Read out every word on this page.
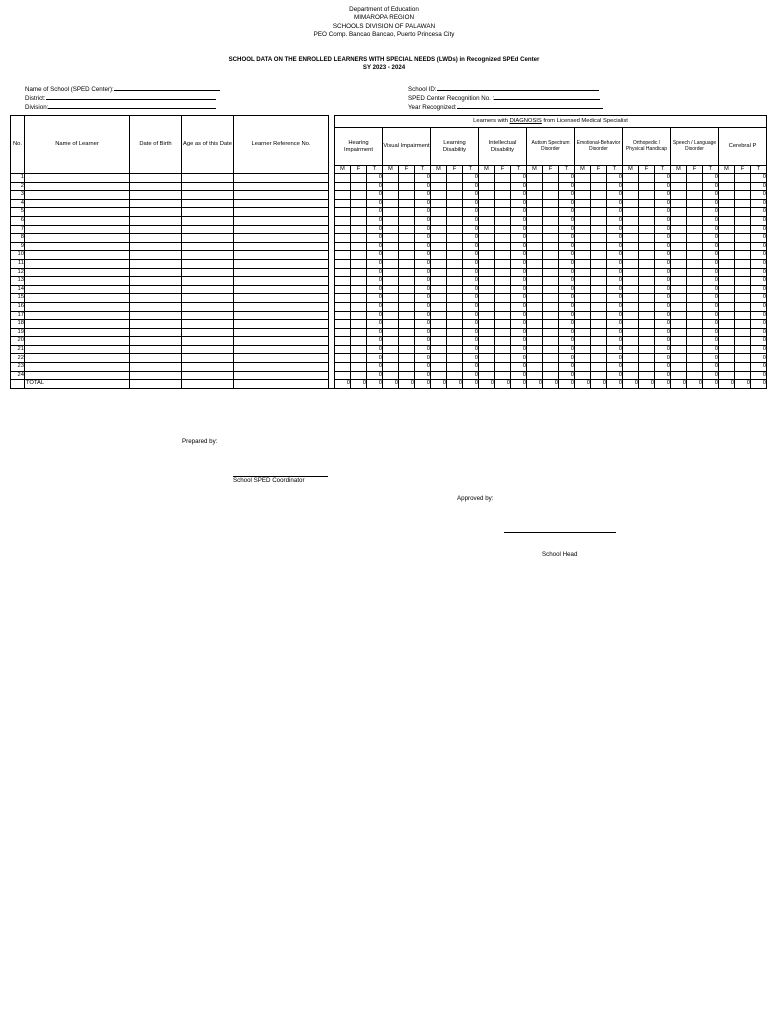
Department of Education
MIMAROPA REGION
SCHOOLS DIVISION OF PALAWAN
PEO Comp. Bancao Bancao, Puerto Princesa City
SCHOOL DATA ON THE ENROLLED LEARNERS WITH SPECIAL NEEDS (LWDs) in Recognized SPEd Center
SY 2023 - 2024
Name of School (SPED Center):
District:
Division:
School ID:
SPED Center Recognition No. :
Year Recognized:
No.	Name of Learner	Date of Birth	Age as of this Date	Learner Reference No.		Learners with DIAGNOSIS from Licensed Medical Specialist																										
						Hearing Impairment			Visual Impairment			Learning Disability			Intellectual Disability			Autism Spectrum Disorder			Emotional-Behavior Disorder			Orthopedic / Physical Handicap			Speech / Language Disorder			Cerebral P		
						M	F	T	M	F	T	M	F	T	M	F	T	M	F	T	M	F	T	M	F	T	M	F	T	M	F	T
1								0			0			0			0			0			0			0			0			0
2								0			0			0			0			0			0			0			0			0
3								0			0			0			0			0			0			0			0			0
4								0			0			0			0			0			0			0			0			0
5								0			0			0			0			0			0			0			0			0
6								0			0			0			0			0			0			0			0			0
7								0			0			0			0			0			0			0			0			0
8								0			0			0			0			0			0			0			0			0
9								0			0			0			0			0			0			0			0			0
10								0			0			0			0			0			0			0			0			0
11								0			0			0			0			0			0			0			0			0
12								0			0			0			0			0			0			0			0			0
13								0			0			0			0			0			0			0			0			0
14								0			0			0			0			0			0			0			0			0
15								0			0			0			0			0			0			0			0			0
16								0			0			0			0			0			0			0			0			0
17								0			0			0			0			0			0			0			0			0
18								0			0			0			0			0			0			0			0			0
19								0			0			0			0			0			0			0			0			0
20								0			0			0			0			0			0			0			0			0
21								0			0			0			0			0			0			0			0			0
22								0			0			0			0			0			0			0			0			0
23								0			0			0			0			0			0			0			0			0
24								0			0			0			0			0			0			0			0			0
	TOTAL					0	0	0	0	0	0	0	0	0	0	0	0	0	0	0	0	0	0	0	0	0	0	0	0	0	0	0
Prepared by:
School SPED Coordinator
Approved by:
School Head
